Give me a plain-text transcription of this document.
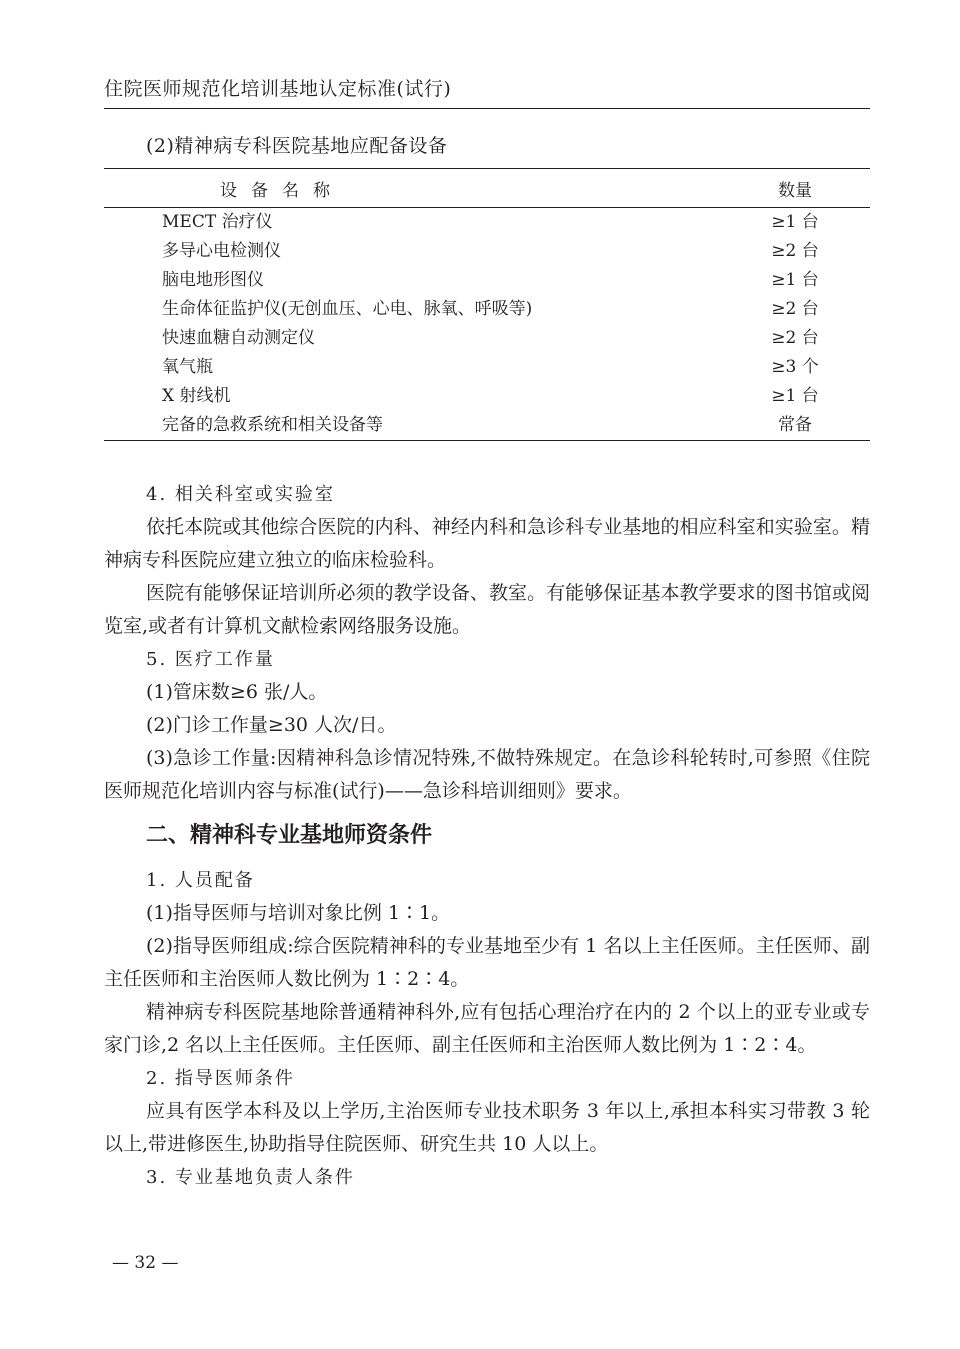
住院医师规范化培训基地认定标准(试行)
(2)精神病专科医院基地应配备设备
设备名称	数量
MECT 治疗仪	≥1 台
多导心电检测仪	≥2 台
脑电地形图仪	≥1 台
生命体征监护仪(无创血压、心电、脉氧、呼吸等)	≥2 台
快速血糖自动测定仪	≥2 台
氧气瓶	≥3 个
X 射线机	≥1 台
完备的急救系统和相关设备等	常备

4. 相关科室或实验室

依托本院或其他综合医院的内科、神经内科和急诊科专业基地的相应科室和实验室。精神病专科医院应建立独立的临床检验科。

医院有能够保证培训所必须的教学设备、教室。有能够保证基本教学要求的图书馆或阅览室,或者有计算机文献检索网络服务设施。

5. 医疗工作量

(1)管床数≥6 张/人。

(2)门诊工作量≥30 人次/日。

(3)急诊工作量:因精神科急诊情况特殊,不做特殊规定。在急诊科轮转时,可参照《住院医师规范化培训内容与标准(试行)——急诊科培训细则》要求。

二、精神科专业基地师资条件

1. 人员配备

(1)指导医师与培训对象比例 1∶1。

(2)指导医师组成:综合医院精神科的专业基地至少有 1 名以上主任医师。主任医师、副主任医师和主治医师人数比例为 1∶2∶4。

精神病专科医院基地除普通精神科外,应有包括心理治疗在内的 2 个以上的亚专业或专家门诊,2 名以上主任医师。主任医师、副主任医师和主治医师人数比例为 1∶2∶4。

2. 指导医师条件

应具有医学本科及以上学历,主治医师专业技术职务 3 年以上,承担本科实习带教 3 轮以上,带进修医生,协助指导住院医师、研究生共 10 人以上。

3. 专业基地负责人条件

— 32 —
